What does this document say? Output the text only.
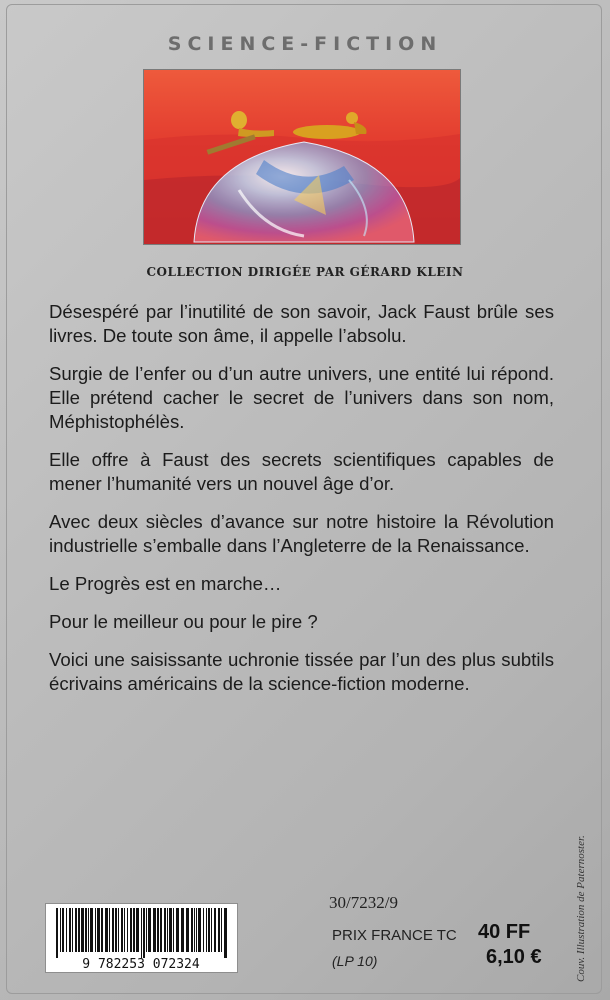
SCIENCE-FICTION
COLLECTION DIRIGÉE PAR GÉRARD KLEIN

Désespéré par l’inutilité de son savoir, Jack Faust brûle ses livres. De toute son âme, il appelle l’absolu.

Surgie de l’enfer ou d’un autre univers, une entité lui répond. Elle prétend cacher le secret de l’univers dans son nom, Méphistophélès.

Elle offre à Faust des secrets scientifiques capables de mener l’humanité vers un nouvel âge d’or.

Avec deux siècles d’avance sur notre histoire la Révolution industrielle s’emballe dans l’Angleterre de la Renaissance.

Le Progrès est en marche…

Pour le meilleur ou pour le pire ?

Voici une saisissante uchronie tissée par l’un des plus subtils écrivains américains de la science-fiction moderne.

30/7232/9
9 782253 072324
PRIX FRANCE TC 40 FF
(LP 10)	6,10 €	Couv. Illustration de Paternoster.
